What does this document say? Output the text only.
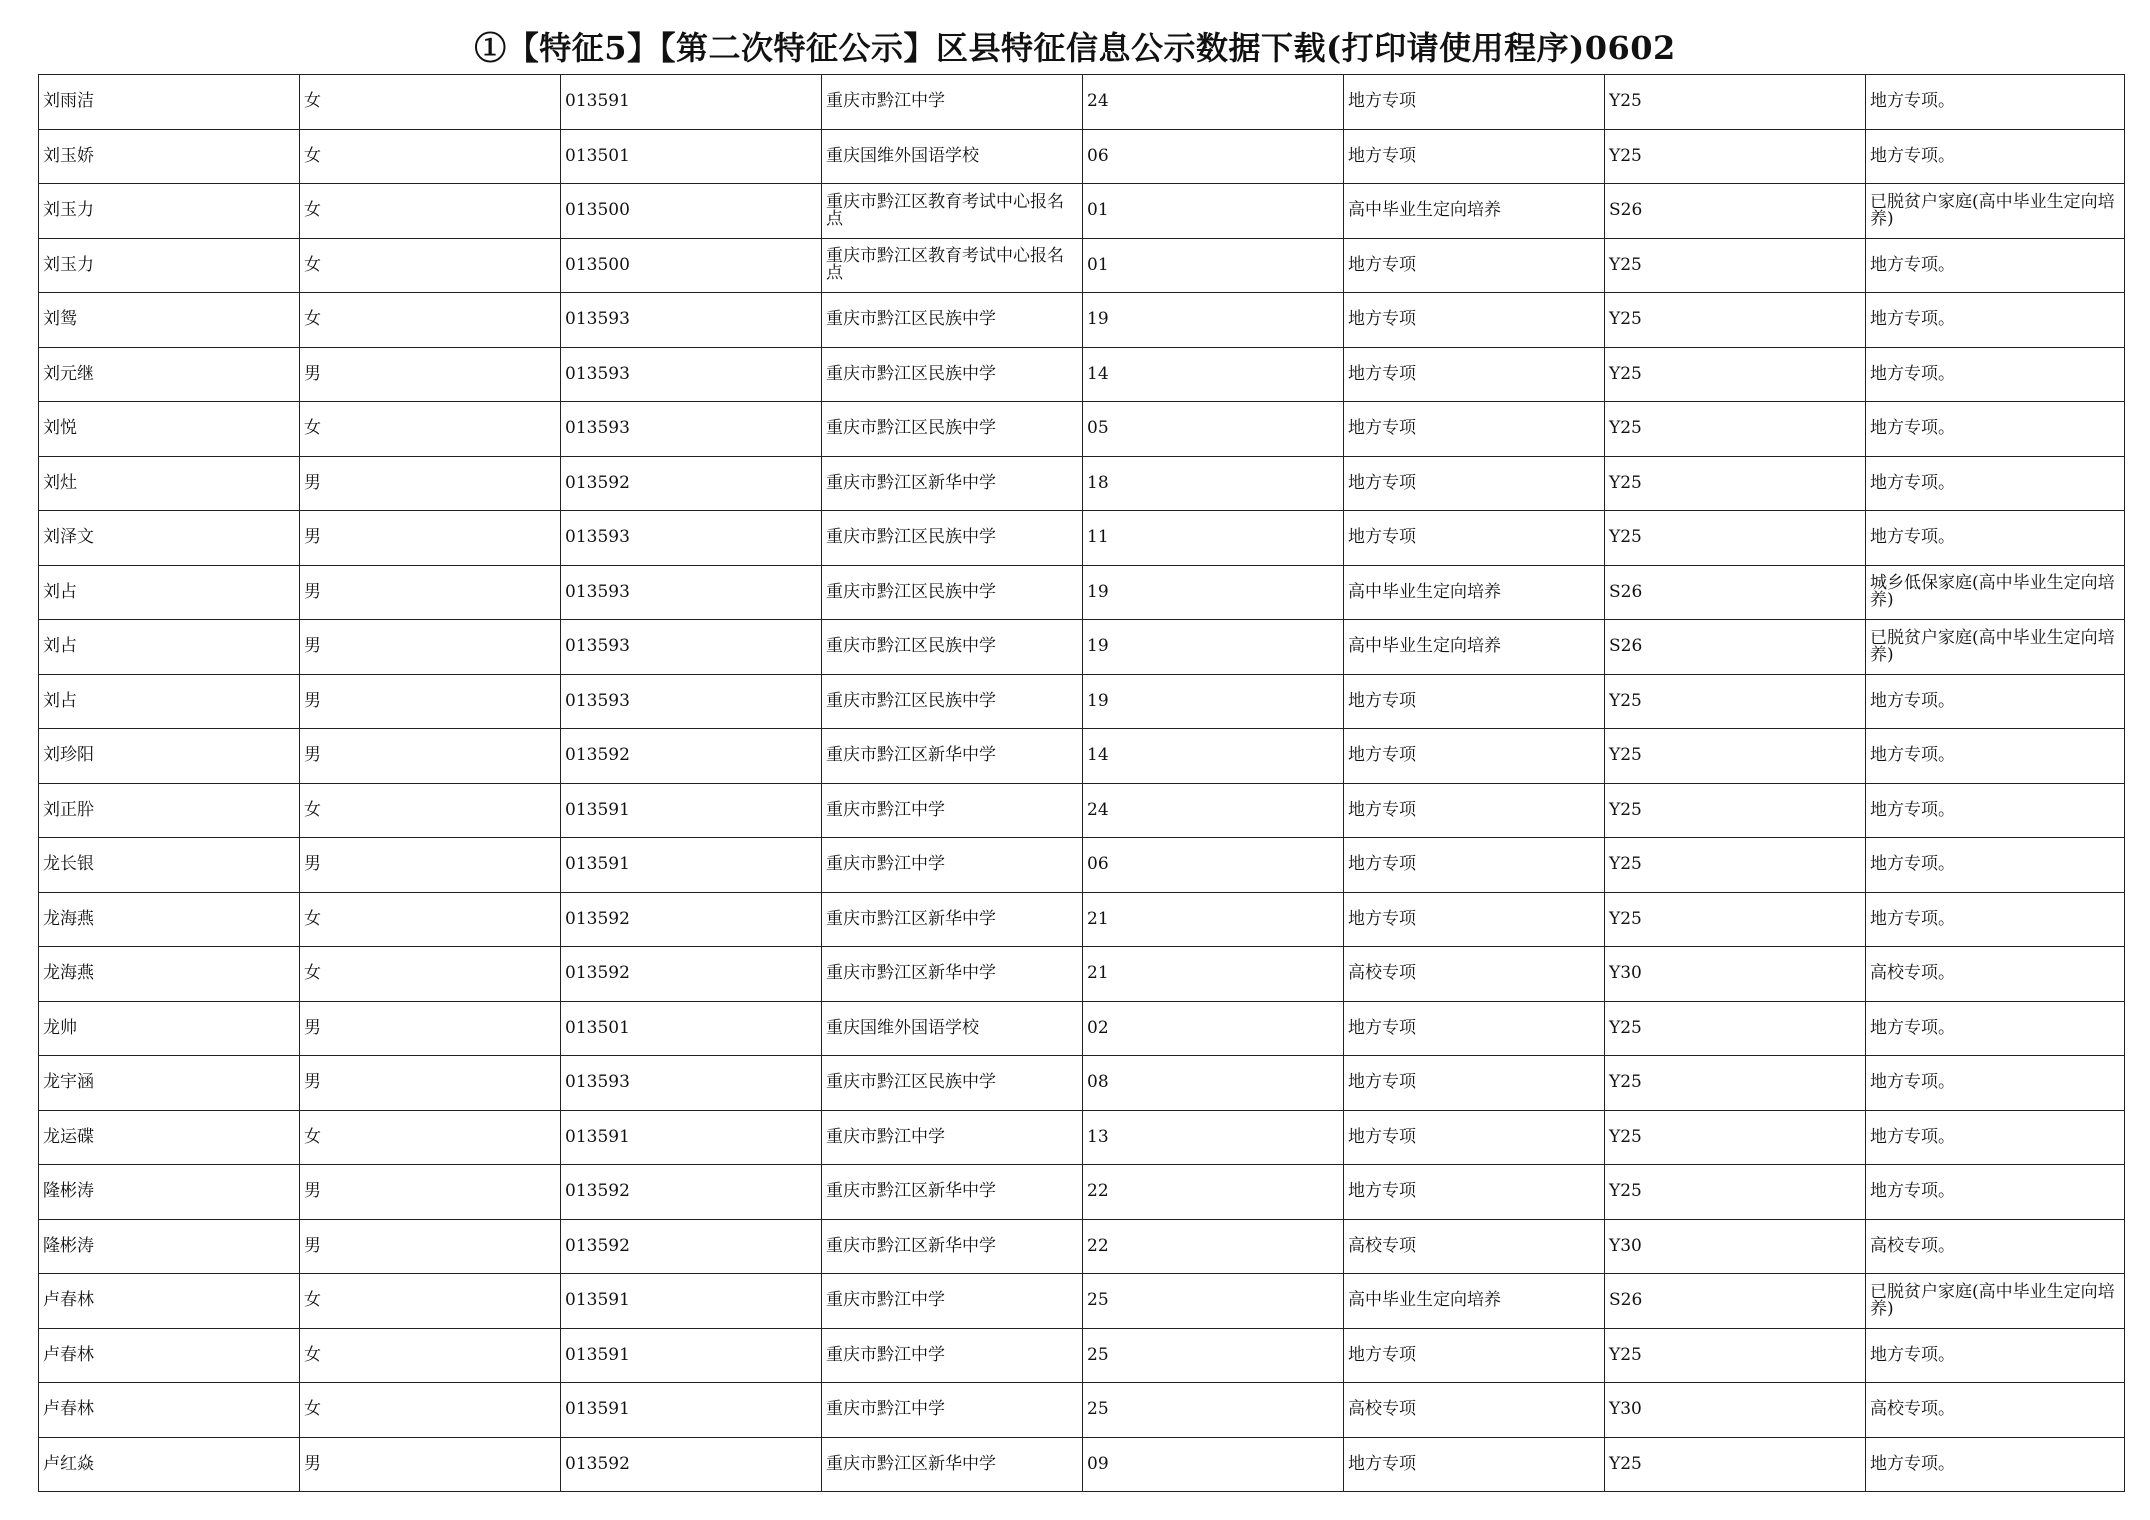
①【特征5】【第二次特征公示】区县特征信息公示数据下载(打印请使用程序)0602
刘雨洁	女	013591	重庆市黔江中学	24	地方专项	Y25	地方专项。
刘玉娇	女	013501	重庆国维外国语学校	06	地方专项	Y25	地方专项。
刘玉力	女	013500	重庆市黔江区教育考试中心报名点	01	高中毕业生定向培养	S26	已脱贫户家庭(高中毕业生定向培养)
刘玉力	女	013500	重庆市黔江区教育考试中心报名点	01	地方专项	Y25	地方专项。
刘鸳	女	013593	重庆市黔江区民族中学	19	地方专项	Y25	地方专项。
刘元继	男	013593	重庆市黔江区民族中学	14	地方专项	Y25	地方专项。
刘悦	女	013593	重庆市黔江区民族中学	05	地方专项	Y25	地方专项。
刘灶	男	013592	重庆市黔江区新华中学	18	地方专项	Y25	地方专项。
刘泽文	男	013593	重庆市黔江区民族中学	11	地方专项	Y25	地方专项。
刘占	男	013593	重庆市黔江区民族中学	19	高中毕业生定向培养	S26	城乡低保家庭(高中毕业生定向培养)
刘占	男	013593	重庆市黔江区民族中学	19	高中毕业生定向培养	S26	已脱贫户家庭(高中毕业生定向培养)
刘占	男	013593	重庆市黔江区民族中学	19	地方专项	Y25	地方专项。
刘珍阳	男	013592	重庆市黔江区新华中学	14	地方专项	Y25	地方专项。
刘正肸	女	013591	重庆市黔江中学	24	地方专项	Y25	地方专项。
龙长银	男	013591	重庆市黔江中学	06	地方专项	Y25	地方专项。
龙海燕	女	013592	重庆市黔江区新华中学	21	地方专项	Y25	地方专项。
龙海燕	女	013592	重庆市黔江区新华中学	21	高校专项	Y30	高校专项。
龙帅	男	013501	重庆国维外国语学校	02	地方专项	Y25	地方专项。
龙宇涵	男	013593	重庆市黔江区民族中学	08	地方专项	Y25	地方专项。
龙运碟	女	013591	重庆市黔江中学	13	地方专项	Y25	地方专项。
隆彬涛	男	013592	重庆市黔江区新华中学	22	地方专项	Y25	地方专项。
隆彬涛	男	013592	重庆市黔江区新华中学	22	高校专项	Y30	高校专项。
卢春林	女	013591	重庆市黔江中学	25	高中毕业生定向培养	S26	已脱贫户家庭(高中毕业生定向培养)
卢春林	女	013591	重庆市黔江中学	25	地方专项	Y25	地方专项。
卢春林	女	013591	重庆市黔江中学	25	高校专项	Y30	高校专项。
卢红焱	男	013592	重庆市黔江区新华中学	09	地方专项	Y25	地方专项。
